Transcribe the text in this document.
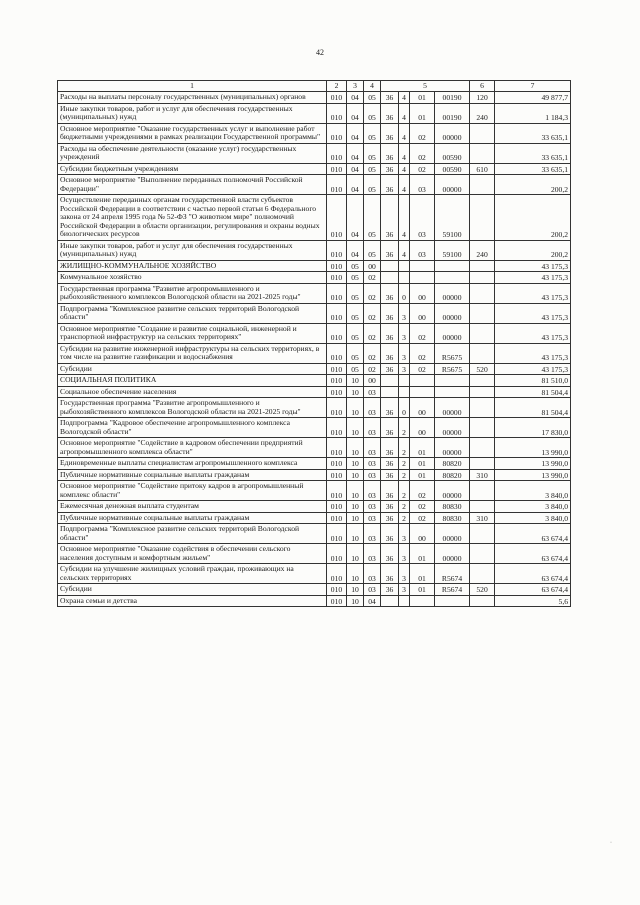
42
1	2	3	4	5				6	7
Расходы на выплаты персоналу государственных (муниципальных) органов	010	04	05	36	4	01	00190	120	49 877,7
Иные закупки товаров, работ и услуг для обеспечения государственных (муниципальных) нужд	010	04	05	36	4	01	00190	240	1 184,3
Основное мероприятие "Оказание государственных услуг и выполнение работ бюджетными учреждениями в рамках реализации Государственной программы"	010	04	05	36	4	02	00000		33 635,1
Расходы на обеспечение деятельности (оказание услуг) государственных учреждений	010	04	05	36	4	02	00590		33 635,1
Субсидии бюджетным учреждениям	010	04	05	36	4	02	00590	610	33 635,1
Основное мероприятие "Выполнение переданных полномочий Российской Федерации"	010	04	05	36	4	03	00000		200,2
Осуществление переданных органам государственной власти субъектов Российской Федерации в соответствии с частью первой статьи 6 Федерального закона от 24 апреля 1995 года № 52-ФЗ "О животном мире" полномочий Российской Федерации в области организации, регулирования и охраны водных биологических ресурсов	010	04	05	36	4	03	59100		200,2
Иные закупки товаров, работ и услуг для обеспечения государственных (муниципальных) нужд	010	04	05	36	4	03	59100	240	200,2
ЖИЛИЩНО-КОММУНАЛЬНОЕ ХОЗЯЙСТВО	010	05	00						43 175,3
Коммунальное хозяйство	010	05	02						43 175,3
Государственная программа "Развитие агропромышленного и рыбохозяйственного комплексов Вологодской области на 2021-2025 годы"	010	05	02	36	0	00	00000		43 175,3
Подпрограмма "Комплексное развитие сельских территорий Вологодской области"	010	05	02	36	3	00	00000		43 175,3
Основное мероприятие "Создание и развитие социальной, инженерной и транспортной инфраструктур на сельских территориях"	010	05	02	36	3	02	00000		43 175,3
Субсидии на развитие инженерной инфраструктуры на сельских территориях, в том числе на развитие газификации и водоснабжения	010	05	02	36	3	02	R5675		43 175,3
Субсидии	010	05	02	36	3	02	R5675	520	43 175,3
СОЦИАЛЬНАЯ ПОЛИТИКА	010	10	00						81 510,0
Социальное обеспечение населения	010	10	03						81 504,4
Государственная программа "Развитие агропромышленного и рыбохозяйственного комплексов Вологодской области на 2021-2025 годы"	010	10	03	36	0	00	00000		81 504,4
Подпрограмма "Кадровое обеспечение агропромышленного комплекса Вологодской области"	010	10	03	36	2	00	00000		17 830,0
Основное мероприятие "Содействие в кадровом обеспечении предприятий агропромышленного комплекса области"	010	10	03	36	2	01	00000		13 990,0
Единовременные выплаты специалистам агропромышленного комплекса	010	10	03	36	2	01	80820		13 990,0
Публичные нормативные социальные выплаты гражданам	010	10	03	36	2	01	80820	310	13 990,0
Основное мероприятие "Содействие притоку кадров в агропромышленный комплекс области"	010	10	03	36	2	02	00000		3 840,0
Ежемесячная денежная выплата студентам	010	10	03	36	2	02	80830		3 840,0
Публичные нормативные социальные выплаты гражданам	010	10	03	36	2	02	80830	310	3 840,0
Подпрограмма "Комплексное развитие сельских территорий Вологодской области"	010	10	03	36	3	00	00000		63 674,4
Основное мероприятие "Оказание содействия в обеспечении сельского населения доступным и комфортным жильем"	010	10	03	36	3	01	00000		63 674,4
Субсидии на улучшение жилищных условий граждан, проживающих на сельских территориях	010	10	03	36	3	01	R5674		63 674,4
Субсидии	010	10	03	36	3	01	R5674	520	63 674,4
Охрана семьи и детства	010	10	04						5,6
·
